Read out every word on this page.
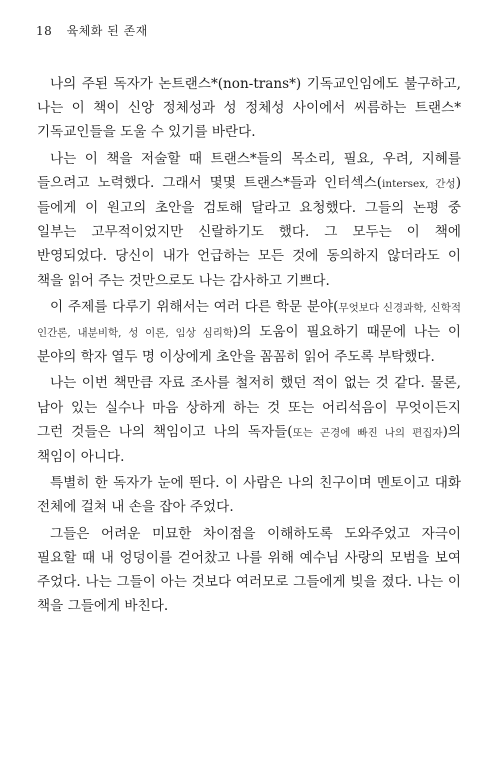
18 육체화 된 존재

나의 주된 독자가 논트랜스*(non-trans*) 기독교인임에도 불구하고, 나는 이 책이 신앙 정체성과 성 정체성 사이에서 씨름하는 트랜스* 기독교인들을 도울 수 있기를 바란다.

나는 이 책을 저술할 때 트랜스*들의 목소리, 필요, 우려, 지혜를 들으려고 노력했다. 그래서 몇몇 트랜스*들과 인터섹스(intersex, 간성)들에게 이 원고의 초안을 검토해 달라고 요청했다. 그들의 논평 중 일부는 고무적이었지만 신랄하기도 했다. 그 모두는 이 책에 반영되었다. 당신이 내가 언급하는 모든 것에 동의하지 않더라도 이 책을 읽어 주는 것만으로도 나는 감사하고 기쁘다.

이 주제를 다루기 위해서는 여러 다른 학문 분야(무엇보다 신경과학, 신학적 인간론, 내분비학, 성 이론, 임상 심리학)의 도움이 필요하기 때문에 나는 이 분야의 학자 열두 명 이상에게 초안을 꼼꼼히 읽어 주도록 부탁했다.

나는 이번 책만큼 자료 조사를 철저히 했던 적이 없는 것 같다. 물론, 남아 있는 실수나 마음 상하게 하는 것 또는 어리석음이 무엇이든지 그런 것들은 나의 책임이고 나의 독자들(또는 곤경에 빠진 나의 편집자)의 책임이 아니다.

특별히 한 독자가 눈에 띈다. 이 사람은 나의 친구이며 멘토이고 대화 전체에 걸쳐 내 손을 잡아 주었다.

그들은 어려운 미묘한 차이점을 이해하도록 도와주었고 자극이 필요할 때 내 엉덩이를 걷어찼고 나를 위해 예수님 사랑의 모범을 보여 주었다. 나는 그들이 아는 것보다 여러모로 그들에게 빚을 졌다. 나는 이 책을 그들에게 바친다.
